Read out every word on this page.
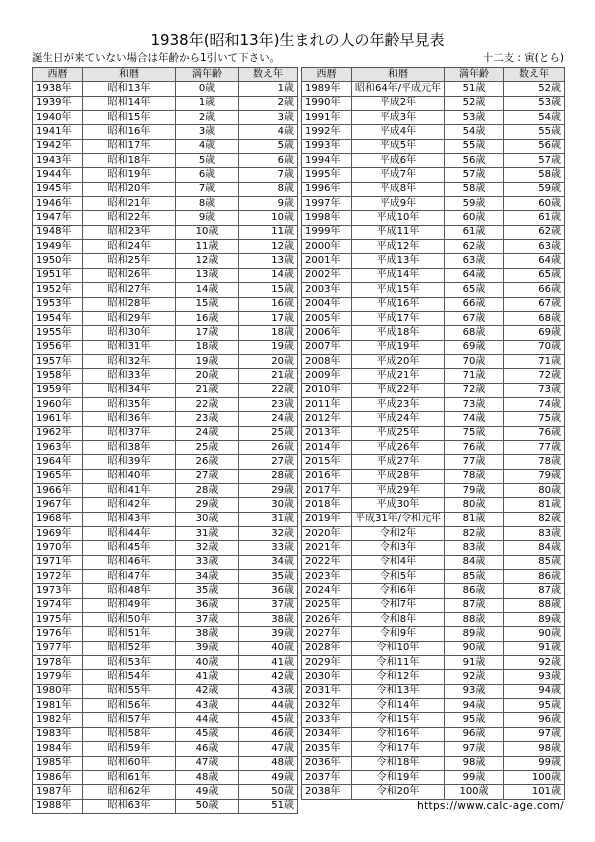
1938年(昭和13年)生まれの人の年齢早見表
誕生日が来ていない場合は年齢から1引いて下さい。	十二支 : 寅(とら)
西暦	和暦	満年齢	数え年
1938年	昭和13年	0歳	1歳
1939年	昭和14年	1歳	2歳
1940年	昭和15年	2歳	3歳
1941年	昭和16年	3歳	4歳
1942年	昭和17年	4歳	5歳
1943年	昭和18年	5歳	6歳
1944年	昭和19年	6歳	7歳
1945年	昭和20年	7歳	8歳
1946年	昭和21年	8歳	9歳
1947年	昭和22年	9歳	10歳
1948年	昭和23年	10歳	11歳
1949年	昭和24年	11歳	12歳
1950年	昭和25年	12歳	13歳
1951年	昭和26年	13歳	14歳
1952年	昭和27年	14歳	15歳
1953年	昭和28年	15歳	16歳
1954年	昭和29年	16歳	17歳
1955年	昭和30年	17歳	18歳
1956年	昭和31年	18歳	19歳
1957年	昭和32年	19歳	20歳
1958年	昭和33年	20歳	21歳
1959年	昭和34年	21歳	22歳
1960年	昭和35年	22歳	23歳
1961年	昭和36年	23歳	24歳
1962年	昭和37年	24歳	25歳
1963年	昭和38年	25歳	26歳
1964年	昭和39年	26歳	27歳
1965年	昭和40年	27歳	28歳
1966年	昭和41年	28歳	29歳
1967年	昭和42年	29歳	30歳
1968年	昭和43年	30歳	31歳
1969年	昭和44年	31歳	32歳
1970年	昭和45年	32歳	33歳
1971年	昭和46年	33歳	34歳
1972年	昭和47年	34歳	35歳
1973年	昭和48年	35歳	36歳
1974年	昭和49年	36歳	37歳
1975年	昭和50年	37歳	38歳
1976年	昭和51年	38歳	39歳
1977年	昭和52年	39歳	40歳
1978年	昭和53年	40歳	41歳
1979年	昭和54年	41歳	42歳
1980年	昭和55年	42歳	43歳
1981年	昭和56年	43歳	44歳
1982年	昭和57年	44歳	45歳
1983年	昭和58年	45歳	46歳
1984年	昭和59年	46歳	47歳
1985年	昭和60年	47歳	48歳
1986年	昭和61年	48歳	49歳
1987年	昭和62年	49歳	50歳
1988年	昭和63年	50歳	51歳
西暦	和暦	満年齢	数え年
1989年	昭和64年/平成元年	51歳	52歳
1990年	平成2年	52歳	53歳
1991年	平成3年	53歳	54歳
1992年	平成4年	54歳	55歳
1993年	平成5年	55歳	56歳
1994年	平成6年	56歳	57歳
1995年	平成7年	57歳	58歳
1996年	平成8年	58歳	59歳
1997年	平成9年	59歳	60歳
1998年	平成10年	60歳	61歳
1999年	平成11年	61歳	62歳
2000年	平成12年	62歳	63歳
2001年	平成13年	63歳	64歳
2002年	平成14年	64歳	65歳
2003年	平成15年	65歳	66歳
2004年	平成16年	66歳	67歳
2005年	平成17年	67歳	68歳
2006年	平成18年	68歳	69歳
2007年	平成19年	69歳	70歳
2008年	平成20年	70歳	71歳
2009年	平成21年	71歳	72歳
2010年	平成22年	72歳	73歳
2011年	平成23年	73歳	74歳
2012年	平成24年	74歳	75歳
2013年	平成25年	75歳	76歳
2014年	平成26年	76歳	77歳
2015年	平成27年	77歳	78歳
2016年	平成28年	78歳	79歳
2017年	平成29年	79歳	80歳
2018年	平成30年	80歳	81歳
2019年	平成31年/令和元年	81歳	82歳
2020年	令和2年	82歳	83歳
2021年	令和3年	83歳	84歳
2022年	令和4年	84歳	85歳
2023年	令和5年	85歳	86歳
2024年	令和6年	86歳	87歳
2025年	令和7年	87歳	88歳
2026年	令和8年	88歳	89歳
2027年	令和9年	89歳	90歳
2028年	令和10年	90歳	91歳
2029年	令和11年	91歳	92歳
2030年	令和12年	92歳	93歳
2031年	令和13年	93歳	94歳
2032年	令和14年	94歳	95歳
2033年	令和15年	95歳	96歳
2034年	令和16年	96歳	97歳
2035年	令和17年	97歳	98歳
2036年	令和18年	98歳	99歳
2037年	令和19年	99歳	100歳
2038年	令和20年	100歳	101歳
https://www.calc-age.com/
